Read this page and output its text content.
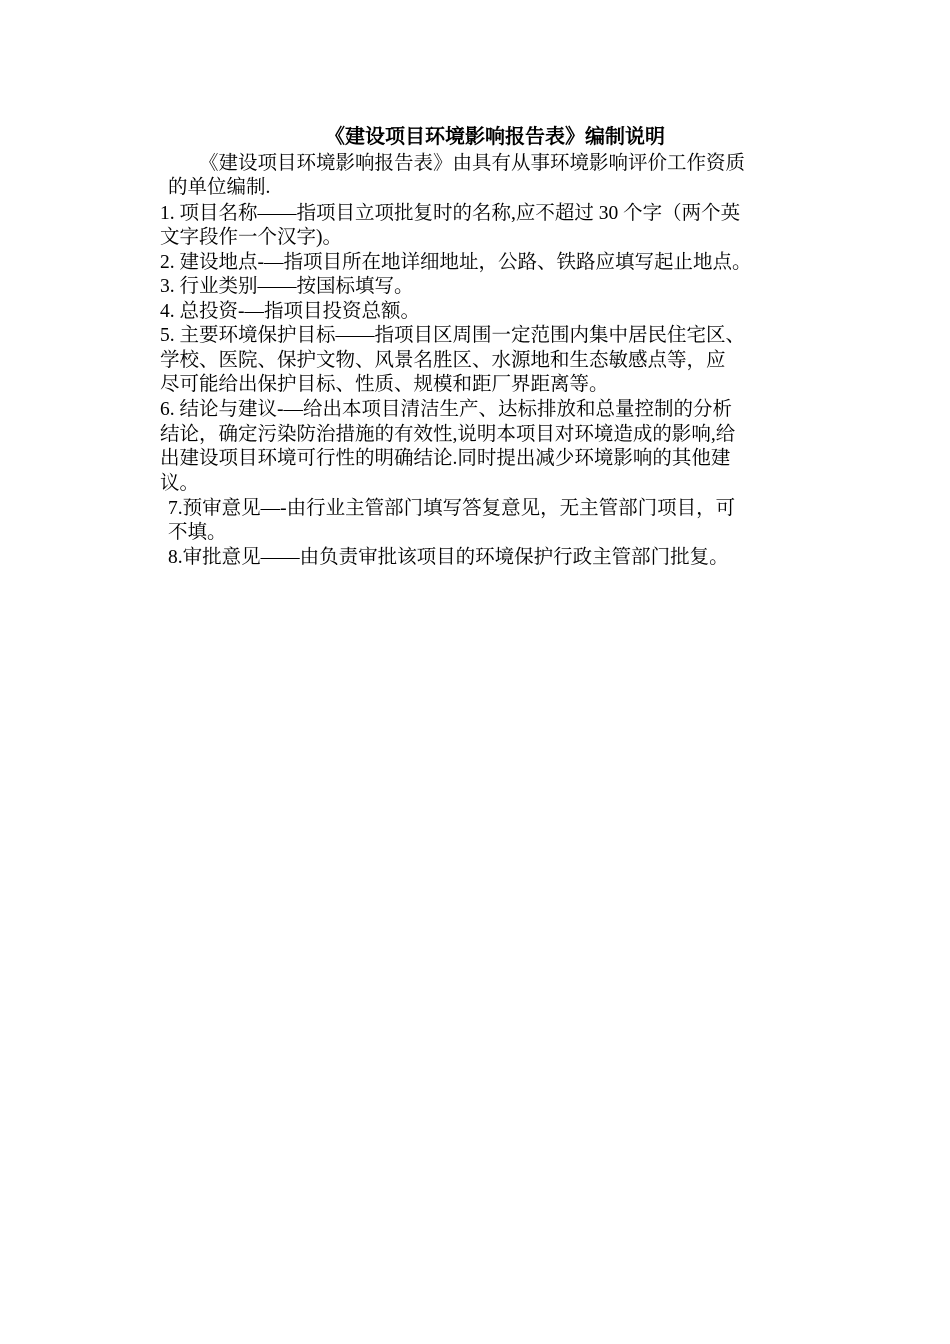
《建设项目环境影响报告表》编制说明
《建设项目环境影响报告表》由具有从事环境影响评价工作资质
的单位编制.
1. 项目名称——指项目立项批复时的名称,应不超过 30 个字（两个英
文字段作一个汉字)。
2. 建设地点-—指项目所在地详细地址，公路、铁路应填写起止地点。
3. 行业类别——按国标填写。
4. 总投资-—指项目投资总额。
5. 主要环境保护目标——指项目区周围一定范围内集中居民住宅区、
学校、医院、保护文物、风景名胜区、水源地和生态敏感点等，应
尽可能给出保护目标、性质、规模和距厂界距离等。
6. 结论与建议-—给出本项目清洁生产、达标排放和总量控制的分析
结论，确定污染防治措施的有效性,说明本项目对环境造成的影响,给
出建设项目环境可行性的明确结论.同时提出减少环境影响的其他建
议。
7.预审意见—-由行业主管部门填写答复意见，无主管部门项目，可
不填。
8.审批意见——由负责审批该项目的环境保护行政主管部门批复。
